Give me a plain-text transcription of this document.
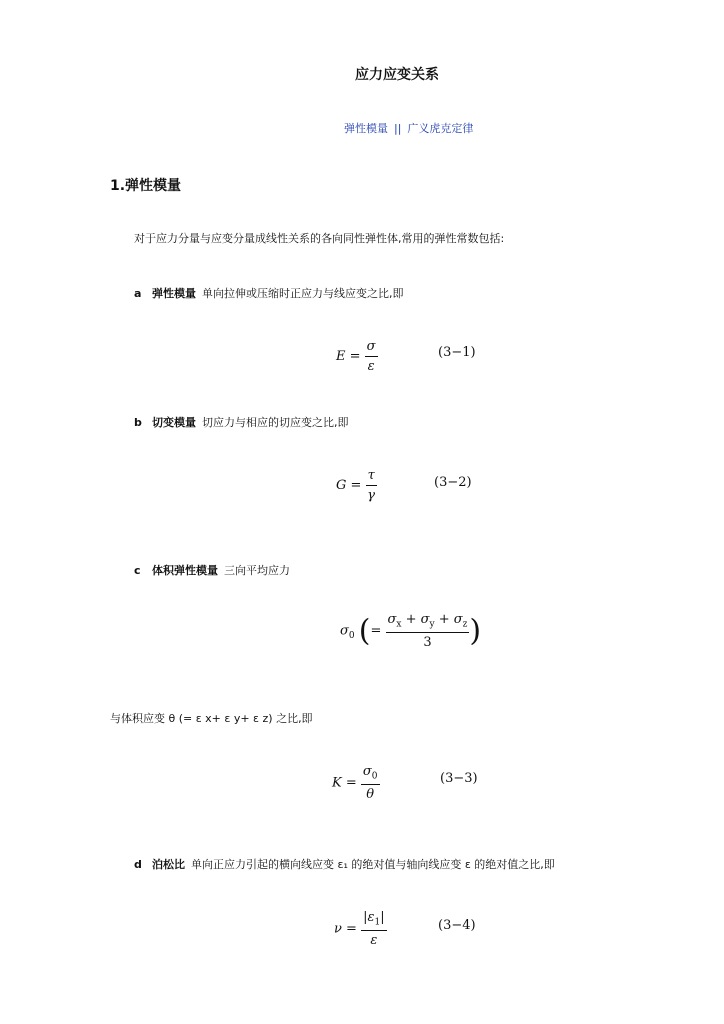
应力应变关系
弹性模量 || 广义虎克定律
1.弹性模量
对于应力分量与应变分量成线性关系的各向同性弹性体,常用的弹性常数包括:
a 弹性模量 单向拉伸或压缩时正应力与线应变之比,即
$E = \frac{\sigma}{\varepsilon}$	(3−1)
b 切变模量 切应力与相应的切应变之比,即
$G = \frac{\tau}{\gamma}$	(3−2)
c 体积弹性模量 三向平均应力
$\sigma_0$ (= $\frac{\sigma_x + \sigma_y + \sigma_z}{3}$ )
与体积应变 θ (= ε x+ ε y+ ε z) 之比,即
$K = \frac{\sigma_0}{\theta}$	(3−3)
d 泊松比 单向正应力引起的横向线应变 ε₁ 的绝对值与轴向线应变 ε 的绝对值之比,即
$\nu = \frac{|\varepsilon_1|}{\varepsilon}$	(3−4)
